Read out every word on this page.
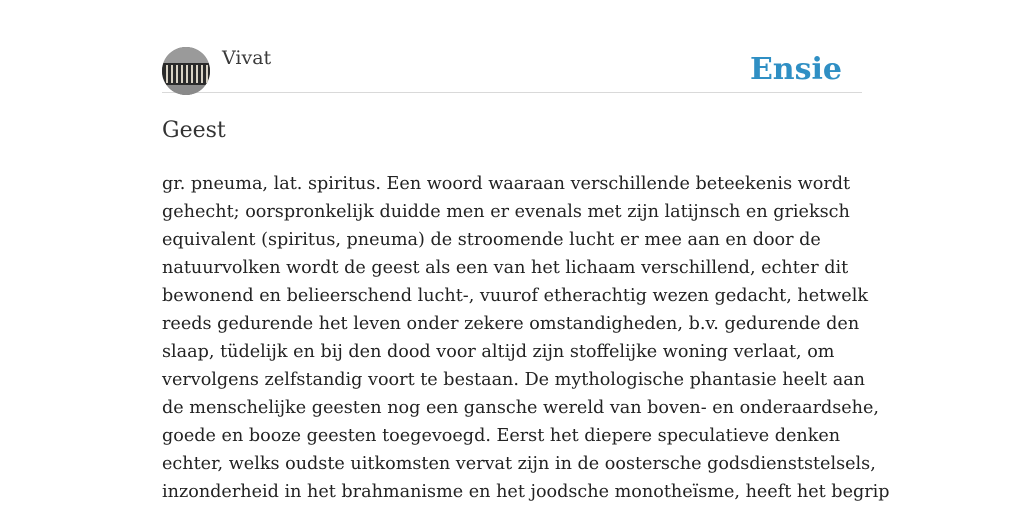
Vivat	Ensie
Geest
gr. pneuma, lat. spiritus. Een woord waaraan verschillende beteekenis wordt
gehecht; oorspronkelijk duidde men er evenals met zijn latijnsch en grieksch
equivalent (spiritus, pneuma) de stroomende lucht er mee aan en door de
natuurvolken wordt de geest als een van het lichaam verschillend, echter dit
bewonend en belieerschend lucht-, vuurof etherachtig wezen gedacht, hetwelk
reeds gedurende het leven onder zekere omstandigheden, b.v. gedurende den
slaap, tüdelijk en bij den dood voor altijd zijn stoffelijke woning verlaat, om
vervolgens zelfstandig voort te bestaan. De mythologische phantasie heelt aan
de menschelijke geesten nog een gansche wereld van boven- en onderaardsehe,
goede en booze geesten toegevoegd. Eerst het diepere speculatieve denken
echter, welks oudste uitkomsten vervat zijn in de oostersche godsdienststelsels,
inzonderheid in het brahmanisme en het joodsche monotheïsme, heeft het begrip
